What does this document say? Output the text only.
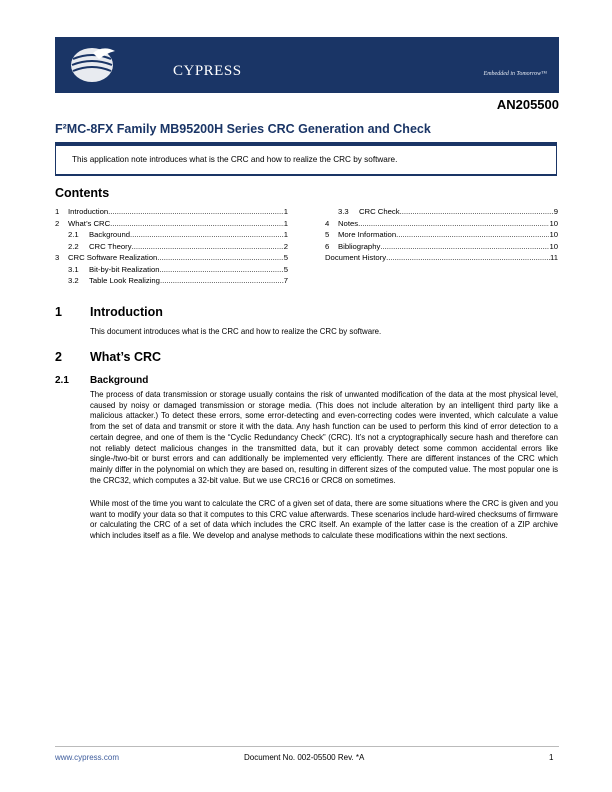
CYPRESS	Embedded in Tomorrow™
AN205500
F²MC-8FX Family MB95200H Series CRC Generation and Check
This application note introduces what is the CRC and how to realize the CRC by software.
Contents
1	Introduction
.....	1
2	What’s CRC
.....	1
2.1	Background
.....	1
2.2	CRC Theory
.....	2
3	CRC Software Realization
.....	5
3.1	Bit-by-bit Realization
.....	5
3.2	Table Look Realizing
.....	7
3.3	CRC Check
.....	9
4	Notes
.....	10
5	More Information
.....	10
6	Bibliography
.....	10
Document History
.....	11
1 Introduction
This document introduces what is the CRC and how to realize the CRC by software.
2 What’s CRC
2.1 Background
The process of data transmission or storage usually contains the risk of unwanted modification of the data at the most physical level, caused by noisy or damaged transmission or storage media. (This does not include alteration by an intelligent third party like a malicious attacker.) To detect these errors, some error-detecting and even-correcting codes were invented, which calculate a value from the set of data and transmit or store it with the data. Any hash function can be used to perform this kind of error detection to a certain degree, and one of them is the “Cyclic Redundancy Check” (CRC). It’s not a cryptographically secure hash and therefore can not reliably detect malicious changes in the transmitted data, but it can provably detect some common accidental errors like single-/two-bit or burst errors and can additionally be implemented very efficiently. There are different instances of the CRC which mainly differ in the polynomial on which they are based on, resulting in different sizes of the computed value. The most popular one is the CRC32, which computes a 32-bit value. But we use CRC16 or CRC8 on sometimes.
While most of the time you want to calculate the CRC of a given set of data, there are some situations where the CRC is given and you want to modify your data so that it computes to this CRC value afterwards. These scenarios include hard-wired checksums of firmware or calculating the CRC of a set of data which includes the CRC itself. An example of the latter case is the creation of a ZIP archive which includes itself as a file. We develop and analyse methods to calculate these modifications within the next sections.
www.cypress.com	Document No. 002-05500 Rev. *A	1
